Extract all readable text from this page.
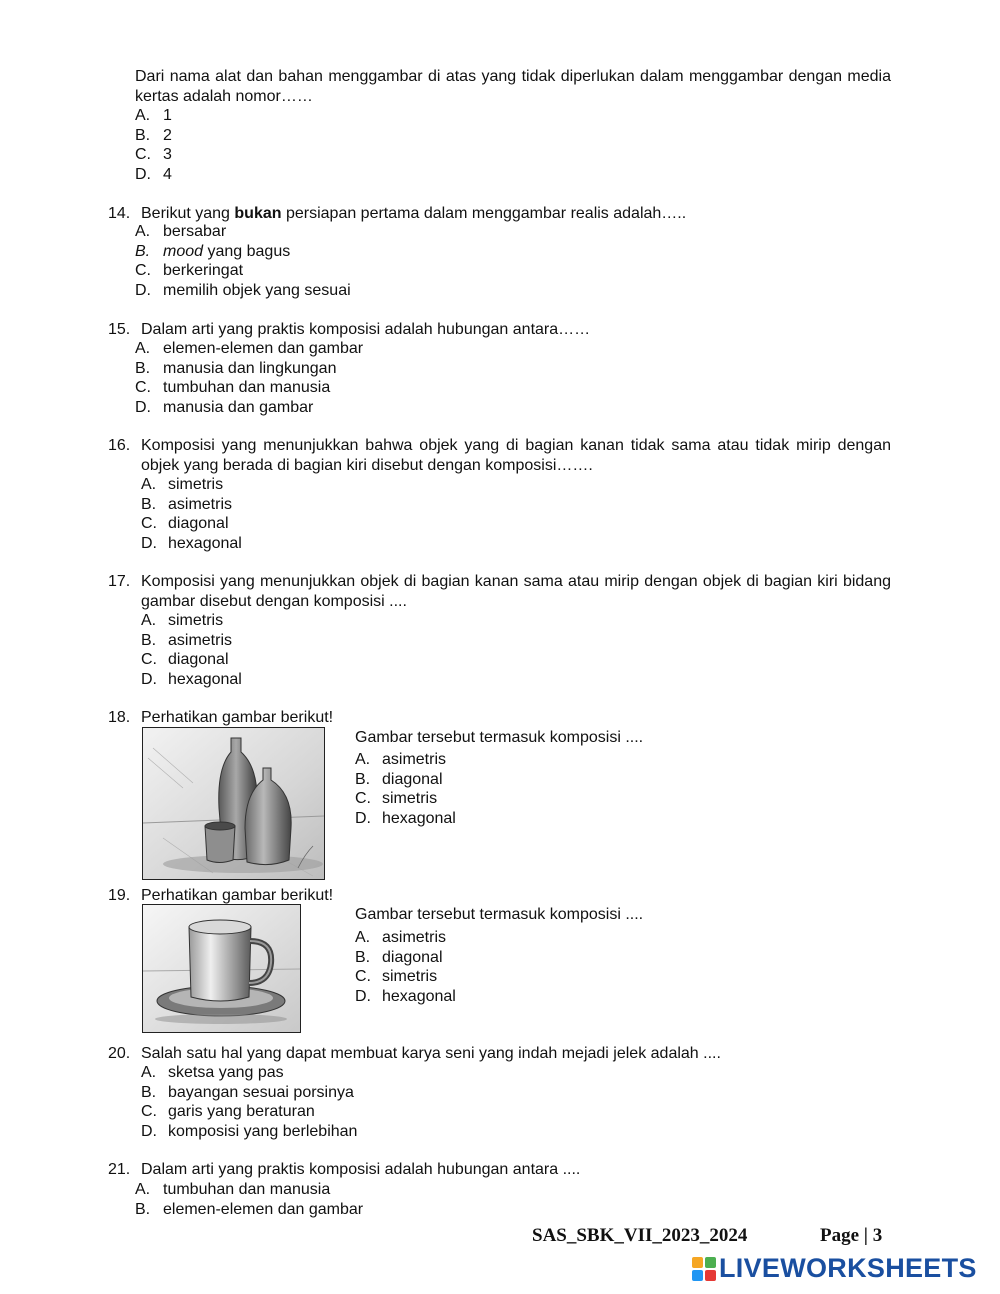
Dari nama alat dan bahan menggambar di atas yang tidak diperlukan dalam menggambar dengan media kertas adalah nomor……
A. 1
B. 2
C. 3
D. 4
14. Berikut yang bukan persiapan pertama dalam menggambar realis adalah…..
A. bersabar
B. mood yang bagus
C. berkeringat
D. memilih objek yang sesuai
15. Dalam arti yang praktis komposisi adalah hubungan antara……
A. elemen-elemen dan gambar
B. manusia dan lingkungan
C. tumbuhan dan manusia
D. manusia dan gambar
16. Komposisi yang menunjukkan bahwa objek yang di bagian kanan tidak sama atau tidak mirip dengan objek yang berada di bagian kiri disebut dengan komposisi…….
A. simetris
B. asimetris
C. diagonal
D. hexagonal
17. Komposisi yang menunjukkan objek di bagian kanan sama atau mirip dengan objek di bagian kiri bidang gambar disebut dengan komposisi ....
A. simetris
B. asimetris
C. diagonal
D. hexagonal
18. Perhatikan gambar berikut!
Gambar tersebut termasuk komposisi ....
A. asimetris
B. diagonal
C. simetris
D. hexagonal
19. Perhatikan gambar berikut!
Gambar tersebut termasuk komposisi ....
A. asimetris
B. diagonal
C. simetris
D. hexagonal
20. Salah satu hal yang dapat membuat karya seni yang indah mejadi jelek adalah ....
A. sketsa yang pas
B. bayangan sesuai porsinya
C. garis yang beraturan
D. komposisi yang berlebihan
21. Dalam arti yang praktis komposisi adalah hubungan antara ....
A. tumbuhan dan manusia
B. elemen-elemen dan gambar
SAS_SBK_VII_2023_2024	Page | 3
LIVEWORKSHEETS
